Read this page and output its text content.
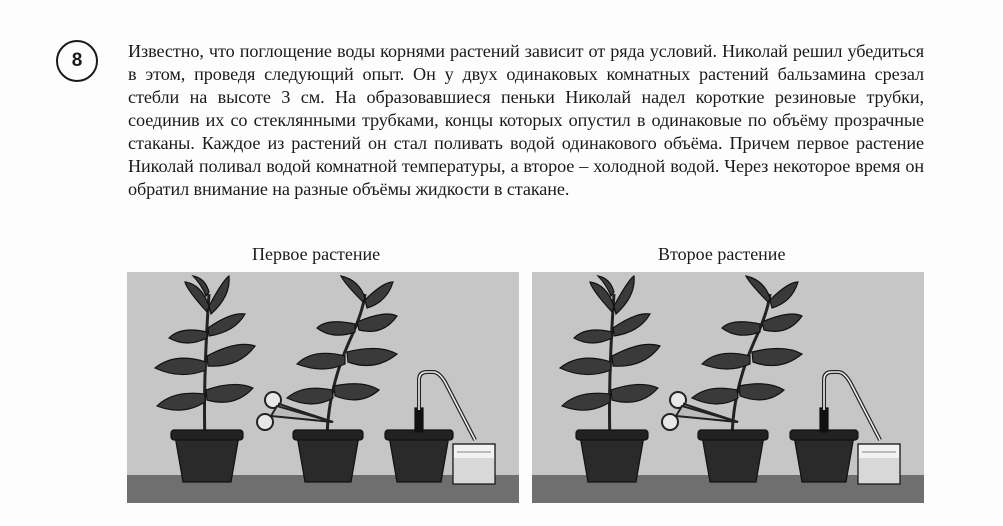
8	Известно, что поглощение воды корнями растений зависит от ряда условий. Николай решил убедиться в этом, проведя следующий опыт. Он у двух одинаковых комнатных растений бальзамина срезал стебли на высоте 3 см. На образовавшиеся пеньки Николай надел короткие резиновые трубки, соединив их со стеклянными трубками, концы которых опустил в одинаковые по объёму прозрачные стаканы. Каждое из растений он стал поливать водой одинакового объёма. Причем первое растение Николай поливал водой комнатной температуры, а второе – холодной водой. Через некоторое время он обратил внимание на разные объёмы жидкости в стакане.
Первое растение	Второе растение
